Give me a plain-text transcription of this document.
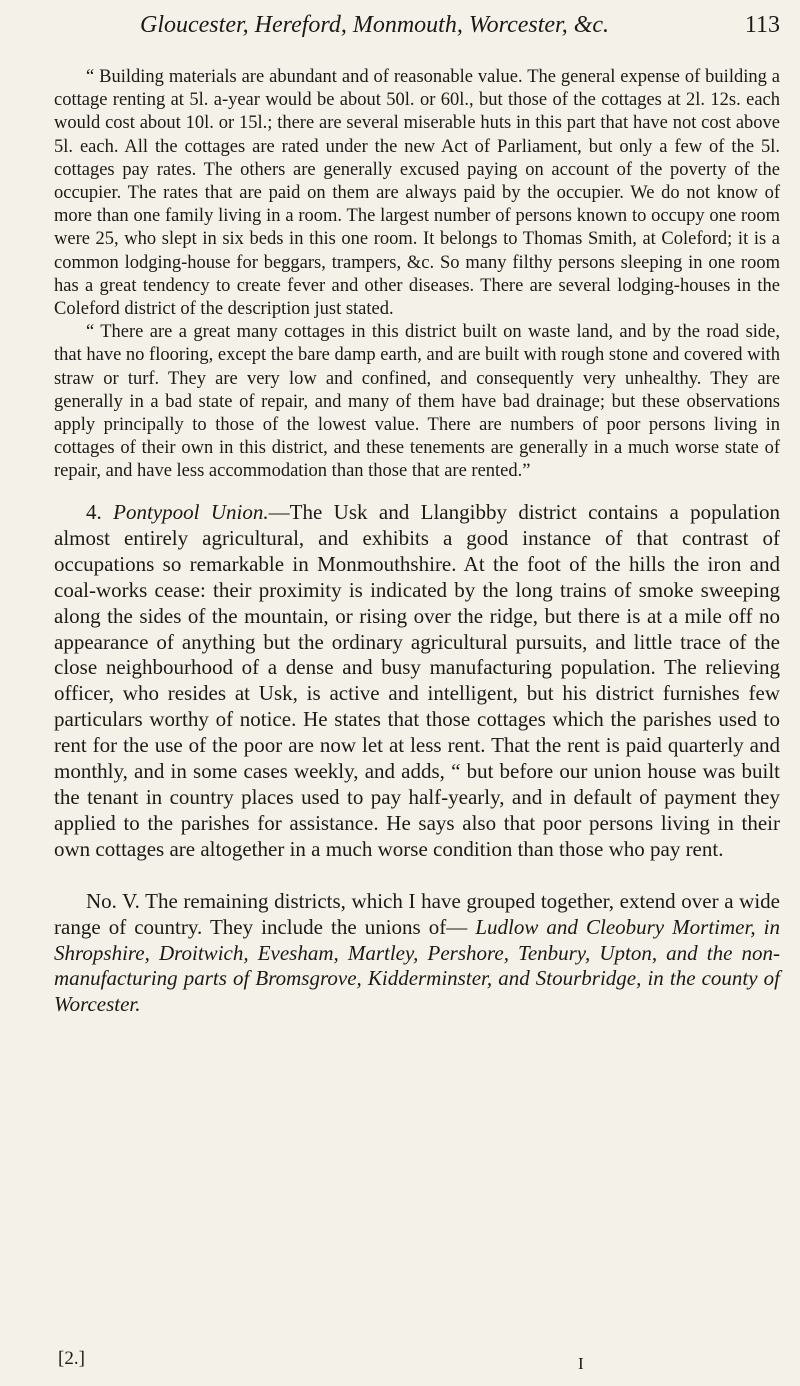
Gloucester, Hereford, Monmouth, Worcester, &c.	113

“ Building materials are abundant and of reasonable value. The general expense of building a cottage renting at 5l. a-year would be about 50l. or 60l., but those of the cottages at 2l. 12s. each would cost about 10l. or 15l.; there are several miserable huts in this part that have not cost above 5l. each. All the cottages are rated under the new Act of Parliament, but only a few of the 5l. cottages pay rates. The others are generally excused paying on account of the poverty of the occupier. The rates that are paid on them are always paid by the occupier. We do not know of more than one family living in a room. The largest number of persons known to occupy one room were 25, who slept in six beds in this one room. It belongs to Thomas Smith, at Coleford; it is a common lodging-house for beggars, trampers, &c. So many filthy persons sleeping in one room has a great tendency to create fever and other diseases. There are several lodging-houses in the Coleford district of the description just stated.

“ There are a great many cottages in this district built on waste land, and by the road side, that have no flooring, except the bare damp earth, and are built with rough stone and covered with straw or turf. They are very low and confined, and consequently very unhealthy. They are generally in a bad state of repair, and many of them have bad drainage; but these observations apply principally to those of the lowest value. There are numbers of poor persons living in cottages of their own in this district, and these tenements are generally in a much worse state of repair, and have less accommodation than those that are rented.”

4. Pontypool Union.—The Usk and Llangibby district contains a population almost entirely agricultural, and exhibits a good instance of that contrast of occupations so remarkable in Monmouthshire. At the foot of the hills the iron and coal-works cease: their proximity is indicated by the long trains of smoke sweeping along the sides of the mountain, or rising over the ridge, but there is at a mile off no appearance of anything but the ordinary agricultural pursuits, and little trace of the close neighbourhood of a dense and busy manufacturing population. The relieving officer, who resides at Usk, is active and intelligent, but his district furnishes few particulars worthy of notice. He states that those cottages which the parishes used to rent for the use of the poor are now let at less rent. That the rent is paid quarterly and monthly, and in some cases weekly, and adds, “ but before our union house was built the tenant in country places used to pay half-yearly, and in default of payment they applied to the parishes for assistance. He says also that poor persons living in their own cottages are altogether in a much worse condition than those who pay rent.

No. V. The remaining districts, which I have grouped together, extend over a wide range of country. They include the unions of— Ludlow and Cleobury Mortimer, in Shropshire, Droitwich, Evesham, Martley, Pershore, Tenbury, Upton, and the non-manufacturing parts of Bromsgrove, Kidderminster, and Stourbridge, in the county of Worcester.

[2.]	I
